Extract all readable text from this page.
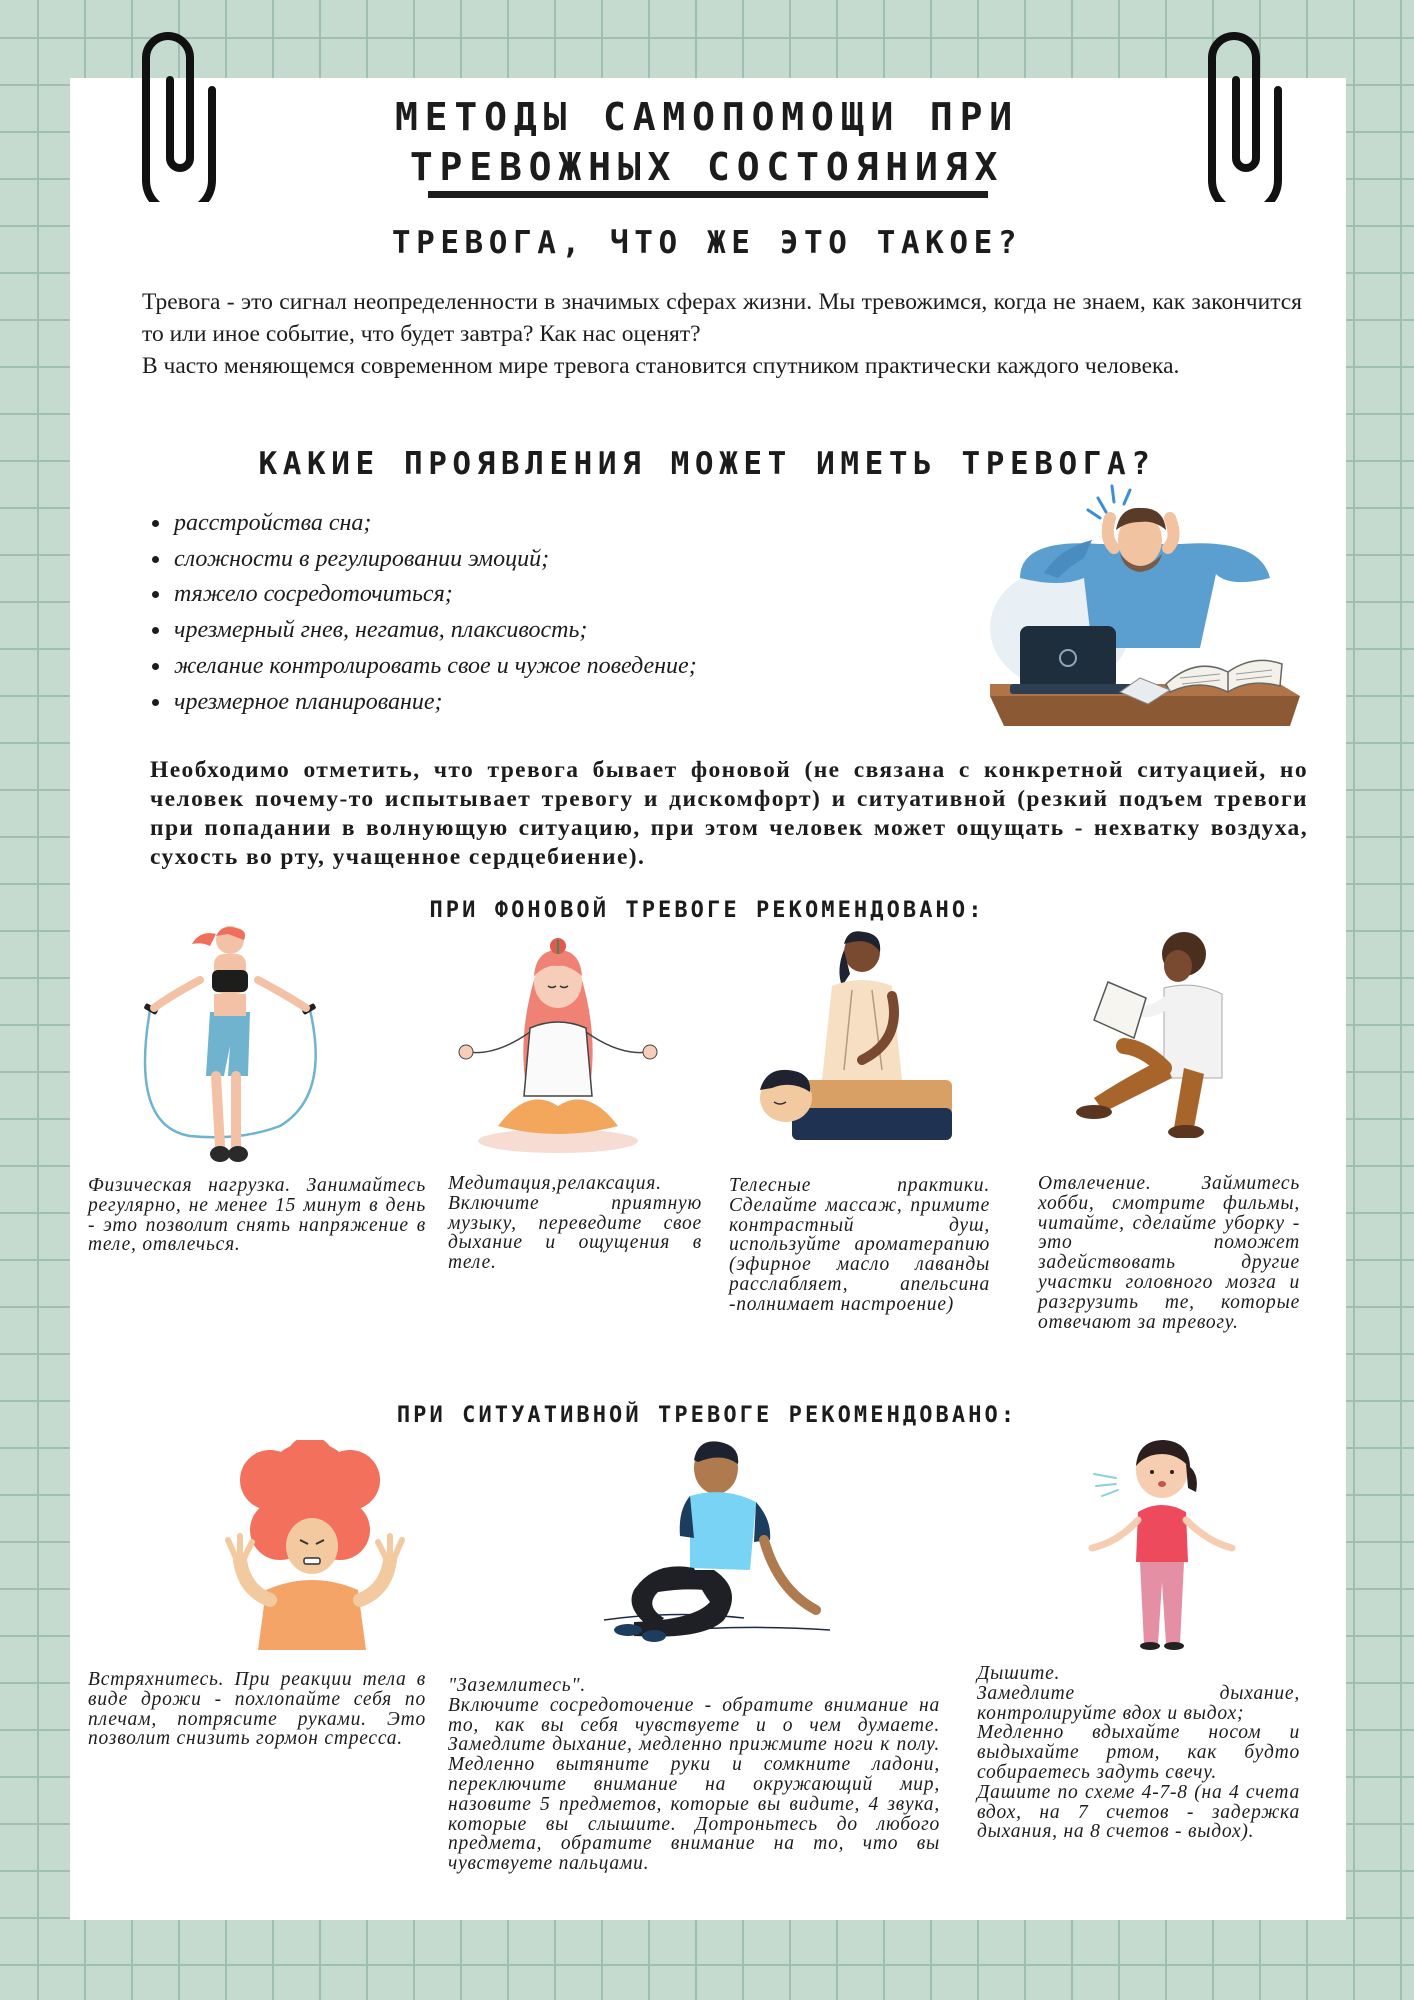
МЕТОДЫ САМОПОМОЩИ ПРИ
ТРЕВОЖНЫХ СОСТОЯНИЯХ
ТРЕВОГА, ЧТО ЖЕ ЭТО ТАКОЕ?

Тревога - это сигнал неопределенности в значимых сферах жизни. Мы тревожимся, когда не знаем, как закончится то или иное событие, что будет завтра? Как нас оценят?

В часто меняющемся современном мире тревога становится спутником практически каждого человека.

КАКИЕ ПРОЯВЛЕНИЯ МОЖЕТ ИМЕТЬ ТРЕВОГА?
• расстройства сна;
• сложности в регулировании эмоций;
• тяжело сосредоточиться;
• чрезмерный гнев, негатив, плаксивость;
• желание контролировать свое и чужое поведение;
• чрезмерное планирование;
Необходимо отметить, что тревога бывает фоновой (не связана с конкретной ситуацией, но человек почему-то испытывает тревогу и дискомфорт) и ситуативной (резкий подъем тревоги при попадании в волнующую ситуацию, при этом человек может ощущать - нехватку воздуха, сухость во рту, учащенное сердцебиение).
ПРИ ФОНОВОЙ ТРЕВОГЕ РЕКОМЕНДОВАНО:
Физическая нагрузка. Занимайтесь регулярно, не менее 15 минут в день - это позволит снять напряжение в теле, отвлечься.
Медитация,релаксация. Включите приятную музыку, переведите свое дыхание и ощущения в теле.
Телесные практики. Сделайте массаж, примите контрастный душ, используйте ароматерапию (эфирное масло лаванды расслабляет, апельсина -полнимает настроение)
Отвлечение. Займитесь хобби, смотрите фильмы, читайте, сделайте уборку - это поможет задействовать другие участки головного мозга и разгрузить те, которые отвечают за тревогу.
ПРИ СИТУАТИВНОЙ ТРЕВОГЕ РЕКОМЕНДОВАНО:
Встряхнитесь. При реакции тела в виде дрожи - похлопайте себя по плечам, потрясите руками. Это позволит снизить гормон стресса.
"Заземлитесь".
Включите сосредоточение - обратите внимание на то, как вы себя чувствуете и о чем думаете. Замедлите дыхание, медленно прижмите ноги к полу. Медленно вытяните руки и сомкните ладони, переключите внимание на окружающий мир, назовите 5 предметов, которые вы видите, 4 звука, которые вы слышите. Дотроньтесь до любого предмета, обратите внимание на то, что вы чувствуете пальцами.
Дышите.
Замедлите дыхание, контролируйте вдох и выдох;
Медленно вдыхайте носом и выдыхайте ртом, как будто собираетесь задуть свечу.
Дашите по схеме 4-7-8 (на 4 счета вдох, на 7 счетов - задержка дыхания, на 8 счетов - выдох).
